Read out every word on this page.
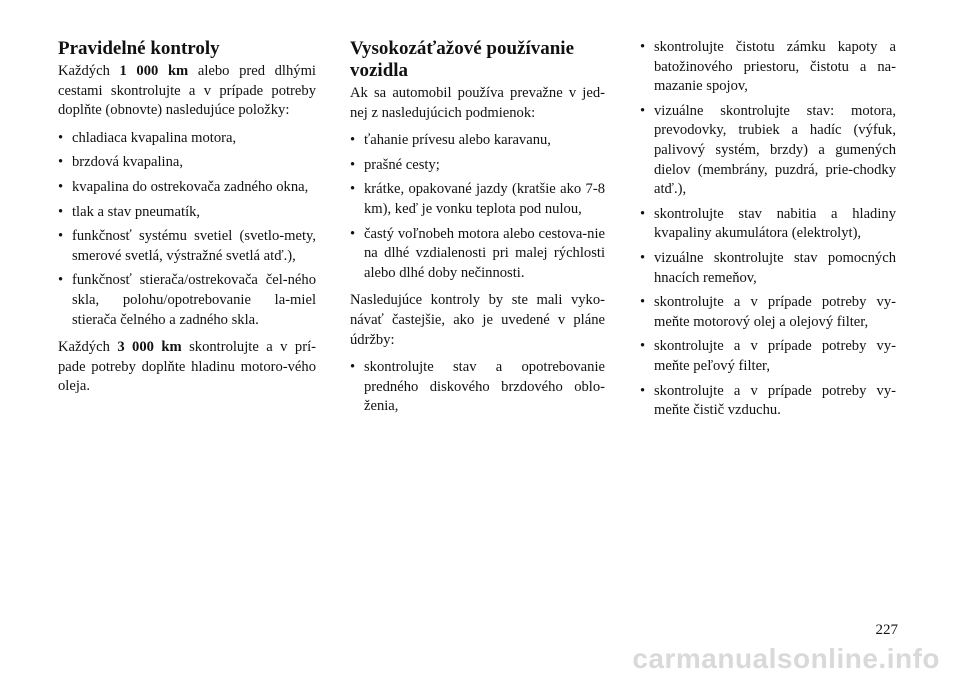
Pravidelné kontroly

Každých 1 000 km alebo pred dlhými cestami skontrolujte a v prípade potreby doplňte (obnovte) nasledujúce položky:

• chladiaca kvapalina motora,
• brzdová kvapalina,
• kvapalina do ostrekovača zadného okna,
• tlak a stav pneumatík,
• funkčnosť systému svetiel (svetlo-mety, smerové svetlá, výstražné svetlá atď.),
• funkčnosť stierača/ostrekovača čel-ného skla, polohu/opotrebovanie la-miel stierača čelného a zadného skla.

Každých 3 000 km skontrolujte a v prí-pade potreby doplňte hladinu motoro-vého oleja.

Vysokozáťažové používanie vozidla

Ak sa automobil používa prevažne v jed-nej z nasledujúcich podmienok:

• ťahanie prívesu alebo karavanu,
• prašné cesty;
• krátke, opakované jazdy (kratšie ako 7-8 km), keď je vonku teplota pod nulou,
• častý voľnobeh motora alebo cestova-nie na dlhé vzdialenosti pri malej rýchlosti alebo dlhé doby nečinnosti.

Nasledujúce kontroly by ste mali vyko-návať častejšie, ako je uvedené v pláne údržby:

• skontrolujte stav a opotrebovanie predného diskového brzdového oblo-ženia,
• skontrolujte čistotu zámku kapoty a batožinového priestoru, čistotu a na-mazanie spojov,
• vizuálne skontrolujte stav: motora, prevodovky, trubiek a hadíc (výfuk, palivový systém, brzdy) a gumených dielov (membrány, puzdrá, prie-chodky atď.),
• skontrolujte stav nabitia a hladiny kvapaliny akumulátora (elektrolyt),
• vizuálne skontrolujte stav pomocných hnacích remeňov,
• skontrolujte a v prípade potreby vy-meňte motorový olej a olejový filter,
• skontrolujte a v prípade potreby vy-meňte peľový filter,
• skontrolujte a v prípade potreby vy-meňte čistič vzduchu.
227
carmanualsonline.info
